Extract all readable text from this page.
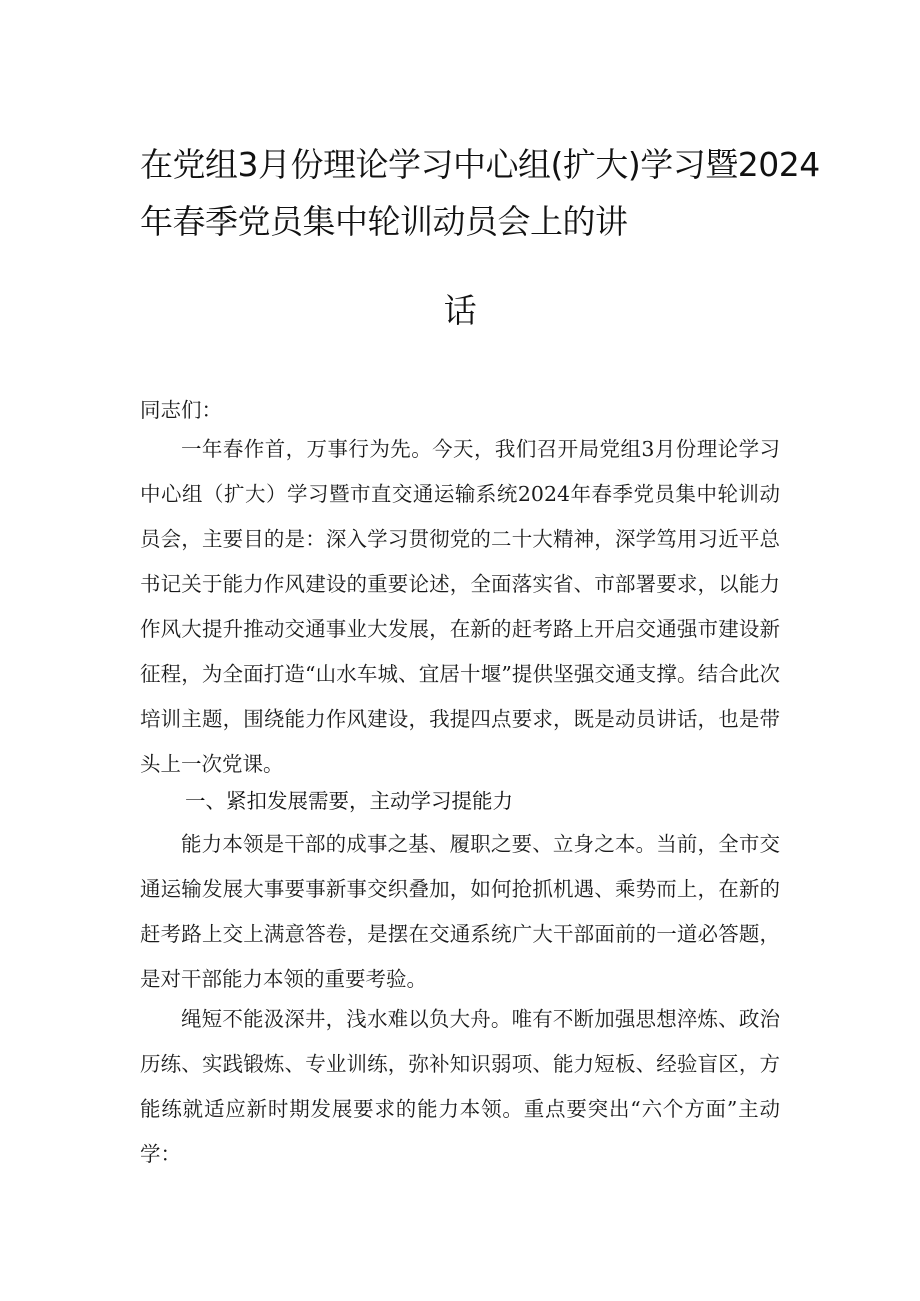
在党组3月份理论学习中心组(扩大)学习暨2024
年春季党员集中轮训动员会上的讲
话
同志们：
一年春作首，万事行为先。今天，我们召开局党组3月份理论学习中心组（扩大）学习暨市直交通运输系统2024年春季党员集中轮训动员会，主要目的是：深入学习贯彻党的二十大精神，深学笃用习近平总书记关于能力作风建设的重要论述，全面落实省、市部署要求，以能力作风大提升推动交通事业大发展，在新的赶考路上开启交通强市建设新征程，为全面打造“山水车城、宜居十堰”提供坚强交通支撑。结合此次培训主题，围绕能力作风建设，我提四点要求，既是动员讲话，也是带头上一次党课。
一、紧扣发展需要，主动学习提能力
能力本领是干部的成事之基、履职之要、立身之本。当前，全市交通运输发展大事要事新事交织叠加，如何抢抓机遇、乘势而上，在新的赶考路上交上满意答卷，是摆在交通系统广大干部面前的一道必答题，是对干部能力本领的重要考验。
绳短不能汲深井，浅水难以负大舟。唯有不断加强思想淬炼、政治历练、实践锻炼、专业训练，弥补知识弱项、能力短板、经验盲区，方能练就适应新时期发展要求的能力本领。重点要突出“六个方面”主动学：
